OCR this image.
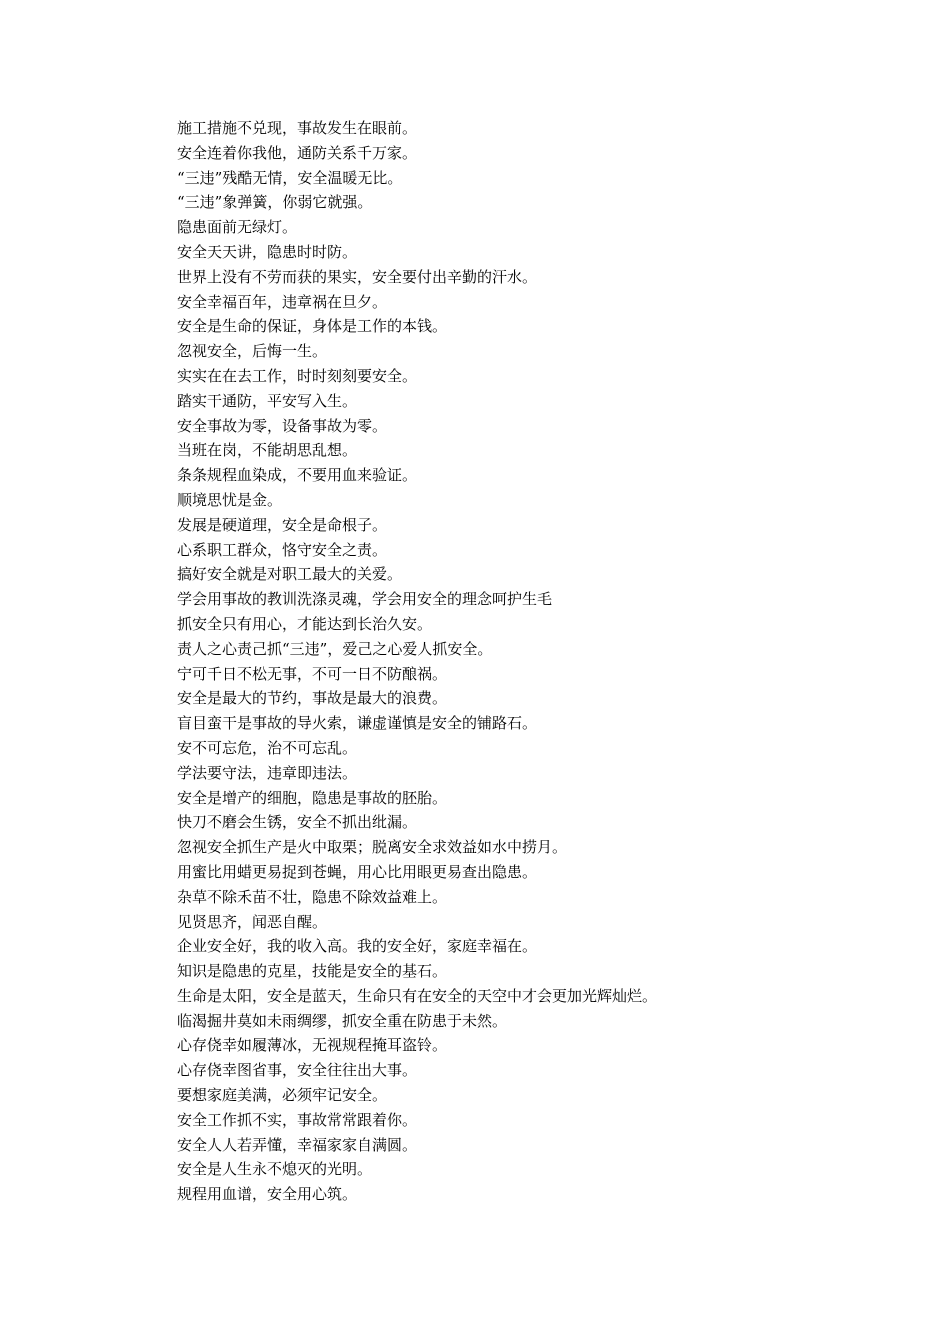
施工措施不兑现，事故发生在眼前。
安全连着你我他，通防关系千万家。
“三违”残酷无情，安全温暖无比。
“三违”象弹簧，你弱它就强。
隐患面前无绿灯。
安全天天讲，隐患时时防。
世界上没有不劳而获的果实，安全要付出辛勤的汗水。
安全幸福百年，违章祸在旦夕。
安全是生命的保证，身体是工作的本钱。
忽视安全，后悔一生。
实实在在去工作，时时刻刻要安全。
踏实干通防，平安写入生。
安全事故为零，设备事故为零。
当班在岗，不能胡思乱想。
条条规程血染成，不要用血来验证。
顺境思忧是金。
发展是硬道理，安全是命根子。
心系职工群众，恪守安全之责。
搞好安全就是对职工最大的关爱。
学会用事故的教训洗涤灵魂，学会用安全的理念呵护生毛
抓安全只有用心，才能达到长治久安。
责人之心责己抓“三违”，爱己之心爱人抓安全。
宁可千日不松无事，不可一日不防酿祸。
安全是最大的节约，事故是最大的浪费。
盲目蛮干是事故的导火索，谦虚谨慎是安全的铺路石。
安不可忘危，治不可忘乱。
学法要守法，违章即违法。
安全是增产的细胞，隐患是事故的胚胎。
快刀不磨会生锈，安全不抓出纰漏。
忽视安全抓生产是火中取栗；脱离安全求效益如水中捞月。
用蜜比用蜡更易捉到苍蝇，用心比用眼更易查出隐患。
杂草不除禾苗不壮，隐患不除效益难上。
见贤思齐，闻恶自醒。
企业安全好，我的收入高。我的安全好，家庭幸福在。
知识是隐患的克星，技能是安全的基石。
生命是太阳，安全是蓝天，生命只有在安全的天空中才会更加光辉灿烂。
临渴掘井莫如未雨绸缪，抓安全重在防患于未然。
心存侥幸如履薄冰，无视规程掩耳盗铃。
心存侥幸图省事，安全往往出大事。
要想家庭美满，必须牢记安全。
安全工作抓不实，事故常常跟着你。
安全人人若弄懂，幸福家家自满圆。
安全是人生永不熄灭的光明。
规程用血谱，安全用心筑。
